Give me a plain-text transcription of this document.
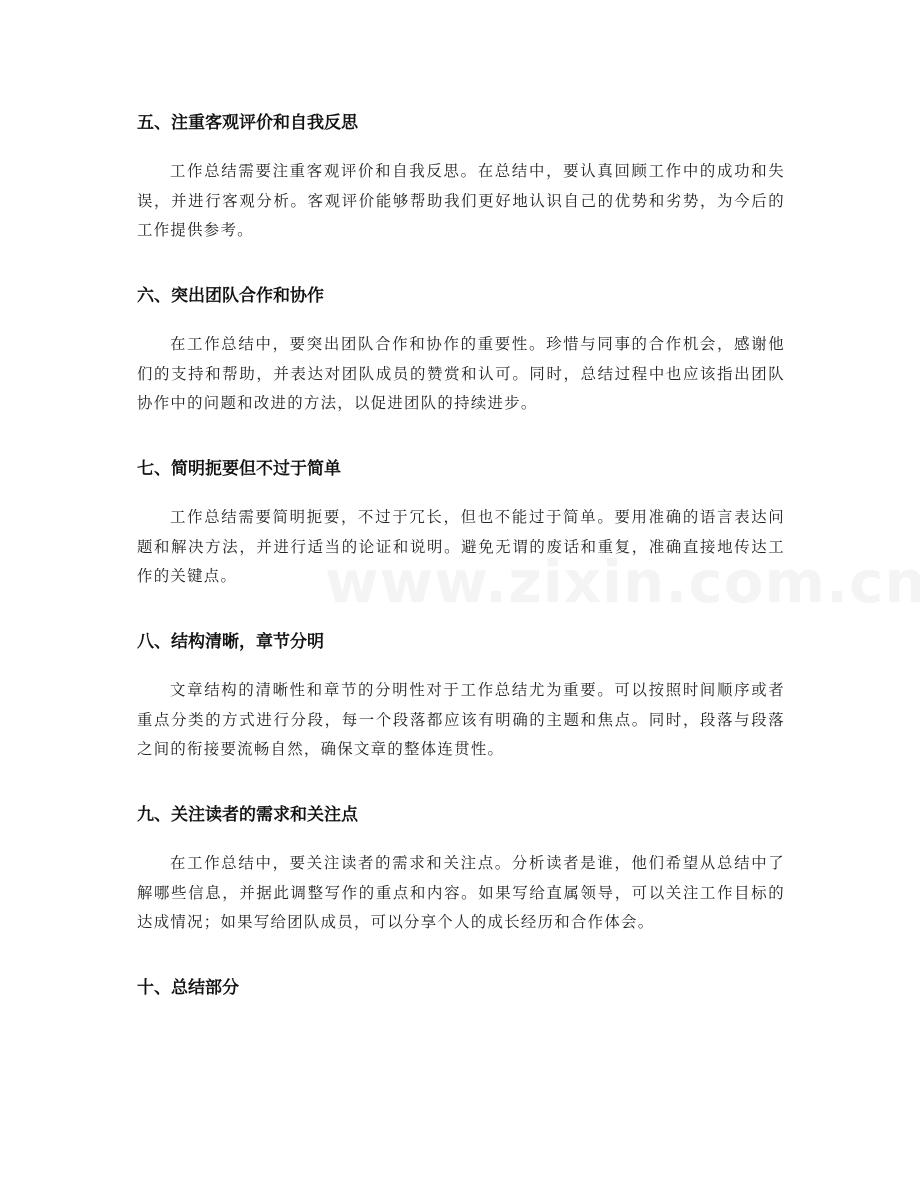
五、注重客观评价和自我反思

工作总结需要注重客观评价和自我反思。在总结中，要认真回顾工作中的成功和失误，并进行客观分析。客观评价能够帮助我们更好地认识自己的优势和劣势，为今后的工作提供参考。

六、突出团队合作和协作

在工作总结中，要突出团队合作和协作的重要性。珍惜与同事的合作机会，感谢他们的支持和帮助，并表达对团队成员的赞赏和认可。同时，总结过程中也应该指出团队协作中的问题和改进的方法，以促进团队的持续进步。

七、简明扼要但不过于简单

工作总结需要简明扼要，不过于冗长，但也不能过于简单。要用准确的语言表达问题和解决方法，并进行适当的论证和说明。避免无谓的废话和重复，准确直接地传达工作的关键点。

八、结构清晰，章节分明

文章结构的清晰性和章节的分明性对于工作总结尤为重要。可以按照时间顺序或者重点分类的方式进行分段，每一个段落都应该有明确的主题和焦点。同时，段落与段落之间的衔接要流畅自然，确保文章的整体连贯性。

九、关注读者的需求和关注点

在工作总结中，要关注读者的需求和关注点。分析读者是谁，他们希望从总结中了解哪些信息，并据此调整写作的重点和内容。如果写给直属领导，可以关注工作目标的达成情况；如果写给团队成员，可以分享个人的成长经历和合作体会。

十、总结部分
